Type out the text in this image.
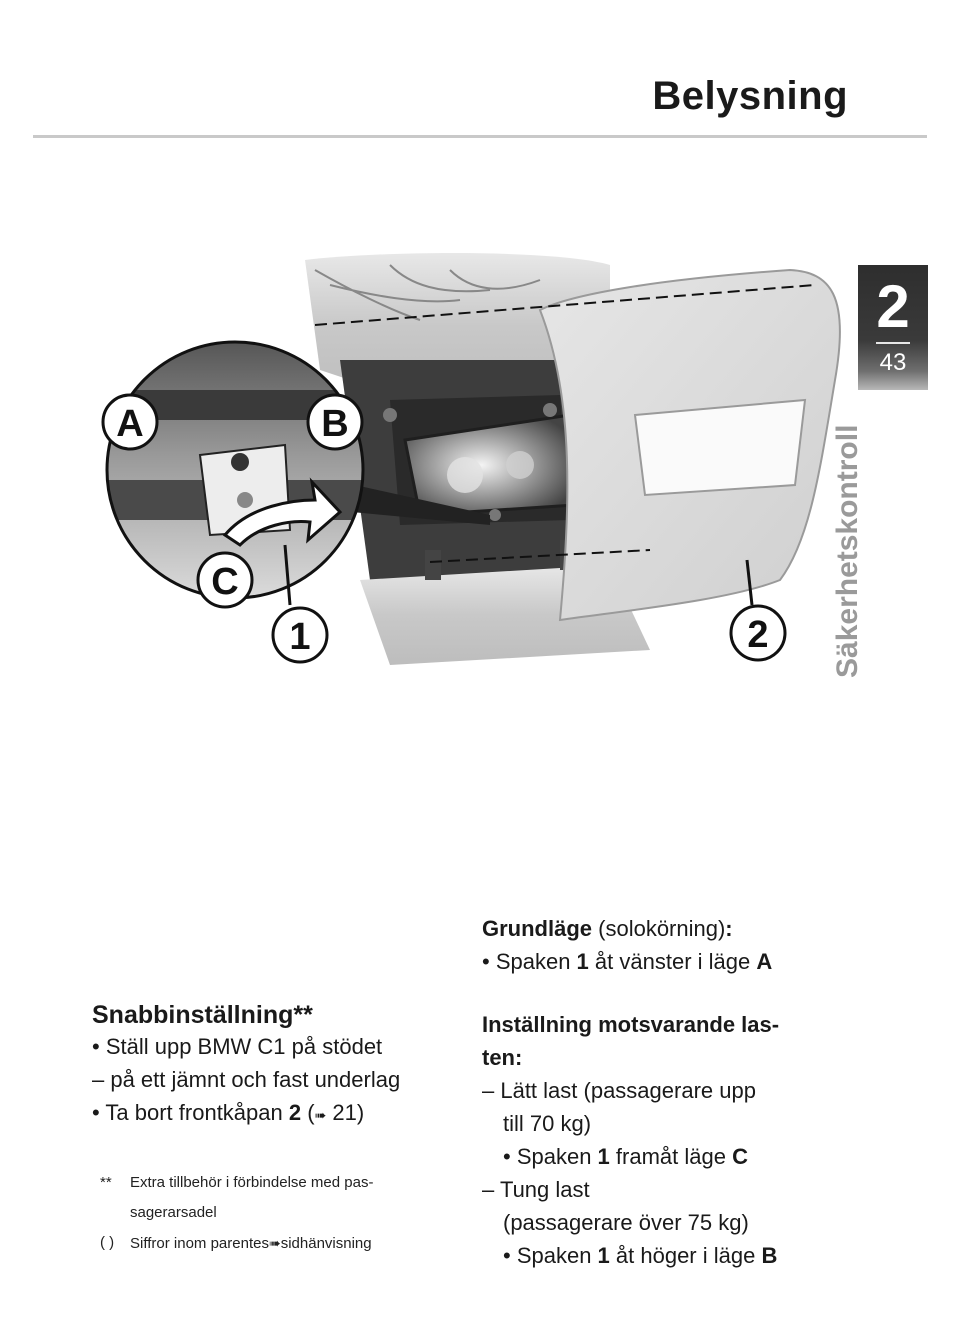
Belysning
2
43
Säkerhetskontroll
A	B
C
1	2
Snabbinställning**
• Ställ upp BMW C1 på stödet
– på ett jämnt och fast underlag
• Ta bort frontkåpan 2 (➠ 21)
**	Extra tillbehör i förbindelse med pas-
sagerarsadel
( )	Siffror inom parentes➠sidhänvisning
Grundläge (solokörning):
• Spaken 1 åt vänster i läge A
Inställning motsvarande las-
ten:
– Lätt last (passagerare upp
till 70 kg)
• Spaken 1 framåt läge C
– Tung last
(passagerare över 75 kg)
• Spaken 1 åt höger i läge B
